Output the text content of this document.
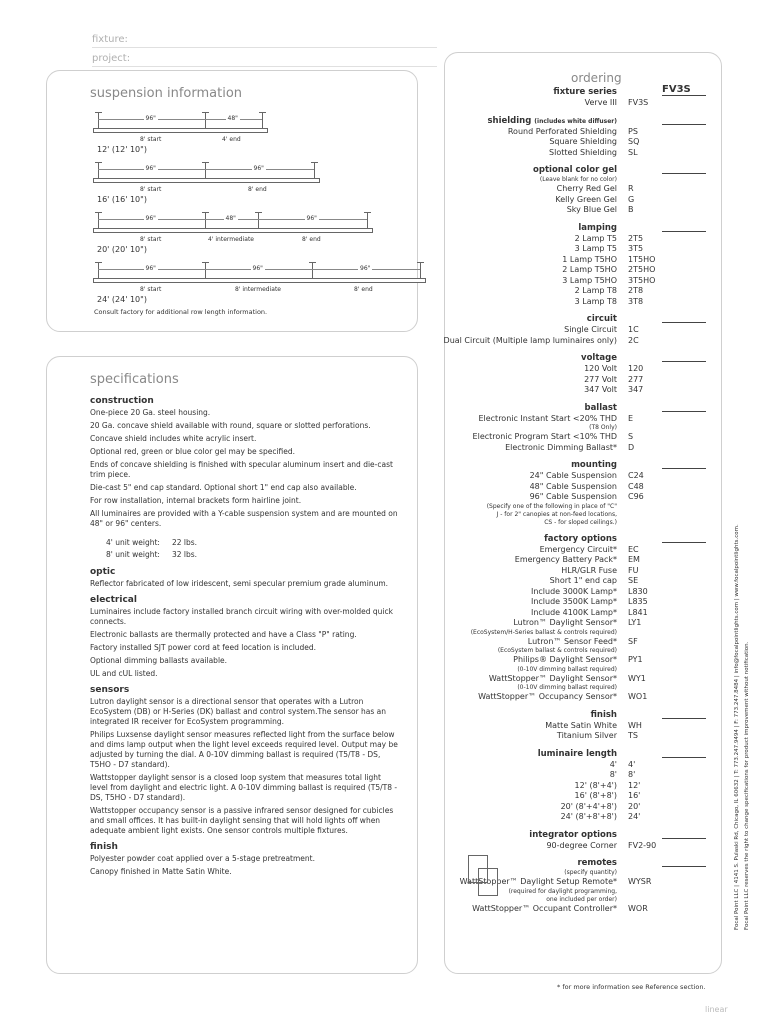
fixture:
project:
suspension information
96"	48"
8' start	4' end
12' (12' 10")
96"	96"
8' start	8' end
16' (16' 10")
96"	48"	96"
8' start	4' intermediate	8' end
20' (20' 10")
96"	96"	96"
8' start	8' intermediate	8' end
24' (24' 10")
Consult factory for additional row length information.
specifications
construction
One-piece 20 Ga. steel housing.
20 Ga. concave shield available with round, square or slotted perforations.
Concave shield includes white acrylic insert.
Optional red, green or blue color gel may be specified.
Ends of concave shielding is finished with specular aluminum insert and die-cast trim piece.
Die-cast 5" end cap standard. Optional short 1" end cap also available.
For row installation, internal brackets form hairline joint.
All luminaires are provided with a Y-cable suspension system and are mounted on 48" or 96" centers.
4' unit weight:	22 lbs.
8' unit weight:	32 lbs.
optic
Reflector fabricated of low iridescent, semi specular premium grade aluminum.
electrical
Luminaires include factory installed branch circuit wiring with over-molded quick connects.
Electronic ballasts are thermally protected and have a Class "P" rating.
Factory installed SJT power cord at feed location is included.
Optional dimming ballasts available.
UL and cUL listed.
sensors
Lutron daylight sensor is a directional sensor that operates with a Lutron EcoSystem (DB) or H-Series (DK) ballast and control system.The sensor has an integrated IR receiver for EcoSystem programming.
Philips Luxsense daylight sensor measures reflected light from the surface below and dims lamp output when the light level exceeds required level. Output may be adjusted by turning the dial. A 0-10V dimming ballast is required (T5/T8 - DS, T5HO - D7 standard).
Wattstopper daylight sensor is a closed loop system that measures total light level from daylight and electric light. A 0-10V dimming ballast is required (T5/T8 - DS, T5HO - D7 standard).
Wattstopper occupancy sensor is a passive infrared sensor designed for cubicles and small offices. It has built-in daylight sensing that will hold lights off when adequate ambient light exists. One sensor controls multiple fixtures.
finish
Polyester powder coat applied over a 5-stage pretreatment.
Canopy finished in Matte Satin White.
ordering
FV3S
fixture series
Verve III FV3S
shielding (includes white diffuser)
Round Perforated Shielding PS
Square Shielding SQ
Slotted Shielding SL
optional color gel
(Leave blank for no color)
Cherry Red Gel R
Kelly Green Gel G
Sky Blue Gel B
lamping
2 Lamp T5 2T5
3 Lamp T5 3T5
1 Lamp T5HO 1T5HO
2 Lamp T5HO 2T5HO
3 Lamp T5HO 3T5HO
2 Lamp T8 2T8
3 Lamp T8 3T8
circuit
Single Circuit 1C
Dual Circuit (Multiple lamp luminaires only) 2C
voltage
120 Volt 120
277 Volt 277
347 Volt 347
ballast
Electronic Instant Start <20% THD E
(T8 Only)
Electronic Program Start <10% THD S
Electronic Dimming Ballast* D
mounting
24" Cable Suspension C24
48" Cable Suspension C48
96" Cable Suspension C96
(Specify one of the following in place of "C"
J - for 2" canopies at non-feed locations,
CS - for sloped ceilings.)
factory options
Emergency Circuit* EC
Emergency Battery Pack* EM
HLR/GLR Fuse FU
Short 1" end cap SE
Include 3000K Lamp* L830
Include 3500K Lamp* L835
Include 4100K Lamp* L841
Lutron™ Daylight Sensor* LY1
(EcoSystem/H-Series ballast & controls required)
Lutron™ Sensor Feed* SF
(EcoSystem ballast & controls required)
Philips® Daylight Sensor* PY1
(0-10V dimming ballast required)
WattStopper™ Daylight Sensor* WY1
(0-10V dimming ballast required)
WattStopper™ Occupancy Sensor* WO1
finish
Matte Satin White WH
Titanium Silver TS
luminaire length
4' 4'
8' 8'
12' (8'+4') 12'
16' (8'+8') 16'
20' (8'+4'+8') 20'
24' (8'+8'+8') 24'
integrator options
90-degree Corner FV2-90
remotes
(specify quantity)
WattStopper™ Daylight Setup Remote* WYSR
(required for daylight programming,
one included per order)
WattStopper™ Occupant Controller* WOR
* for more information see Reference section.
Focal Point LLC | 4141 S. Pulaski Rd, Chicago, IL 60632 | T: 773.247.9494 | F: 773.247.8484 | info@focalpointlights.com | www.focalpointlights.com. Focal Point LLC reserves the right to change specifications for product improvement without notification.
linear
